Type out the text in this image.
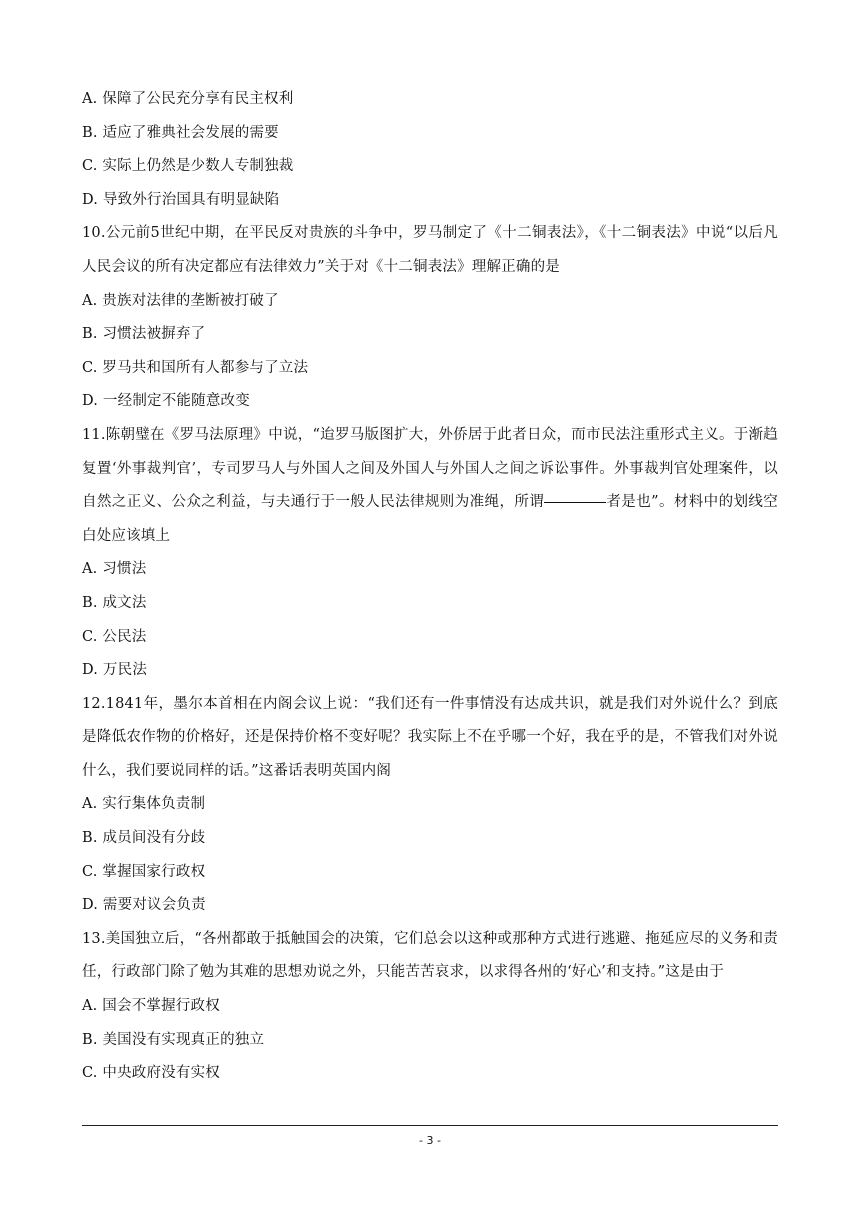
A. 保障了公民充分享有民主权利
B. 适应了雅典社会发展的需要
C. 实际上仍然是少数人专制独裁
D. 导致外行治国具有明显缺陷
10.公元前5世纪中期，在平民反对贵族的斗争中，罗马制定了《十二铜表法》，《十二铜表法》中说“以后凡人民会议的所有决定都应有法律效力”关于对《十二铜表法》理解正确的是
A. 贵族对法律的垄断被打破了
B. 习惯法被摒弃了
C. 罗马共和国所有人都参与了立法
D. 一经制定不能随意改变
11.陈朝璧在《罗马法原理》中说，“迨罗马版图扩大，外侨居于此者日众，而市民法注重形式主义。于渐趋复置‘外事裁判官’，专司罗马人与外国人之间及外国人与外国人之间之诉讼事件。外事裁判官处理案件，以自然之正义、公众之利益，与夫通行于一般人民法律规则为准绳，所谓	者是也”。材料中的划线空白处应该填上
A. 习惯法
B. 成文法
C. 公民法
D. 万民法
12.1841年，墨尔本首相在内阁会议上说：“我们还有一件事情没有达成共识，就是我们对外说什么？到底是降低农作物的价格好，还是保持价格不变好呢？我实际上不在乎哪一个好，我在乎的是，不管我们对外说什么，我们要说同样的话。”这番话表明英国内阁
A. 实行集体负责制
B. 成员间没有分歧
C. 掌握国家行政权
D. 需要对议会负责
13.美国独立后，“各州都敢于抵触国会的决策，它们总会以这种或那种方式进行逃避、拖延应尽的义务和责任，行政部门除了勉为其难的思想劝说之外，只能苦苦哀求，以求得各州的‘好心’和支持。”这是由于
A. 国会不掌握行政权
B. 美国没有实现真正的独立
C. 中央政府没有实权
- 3 -
